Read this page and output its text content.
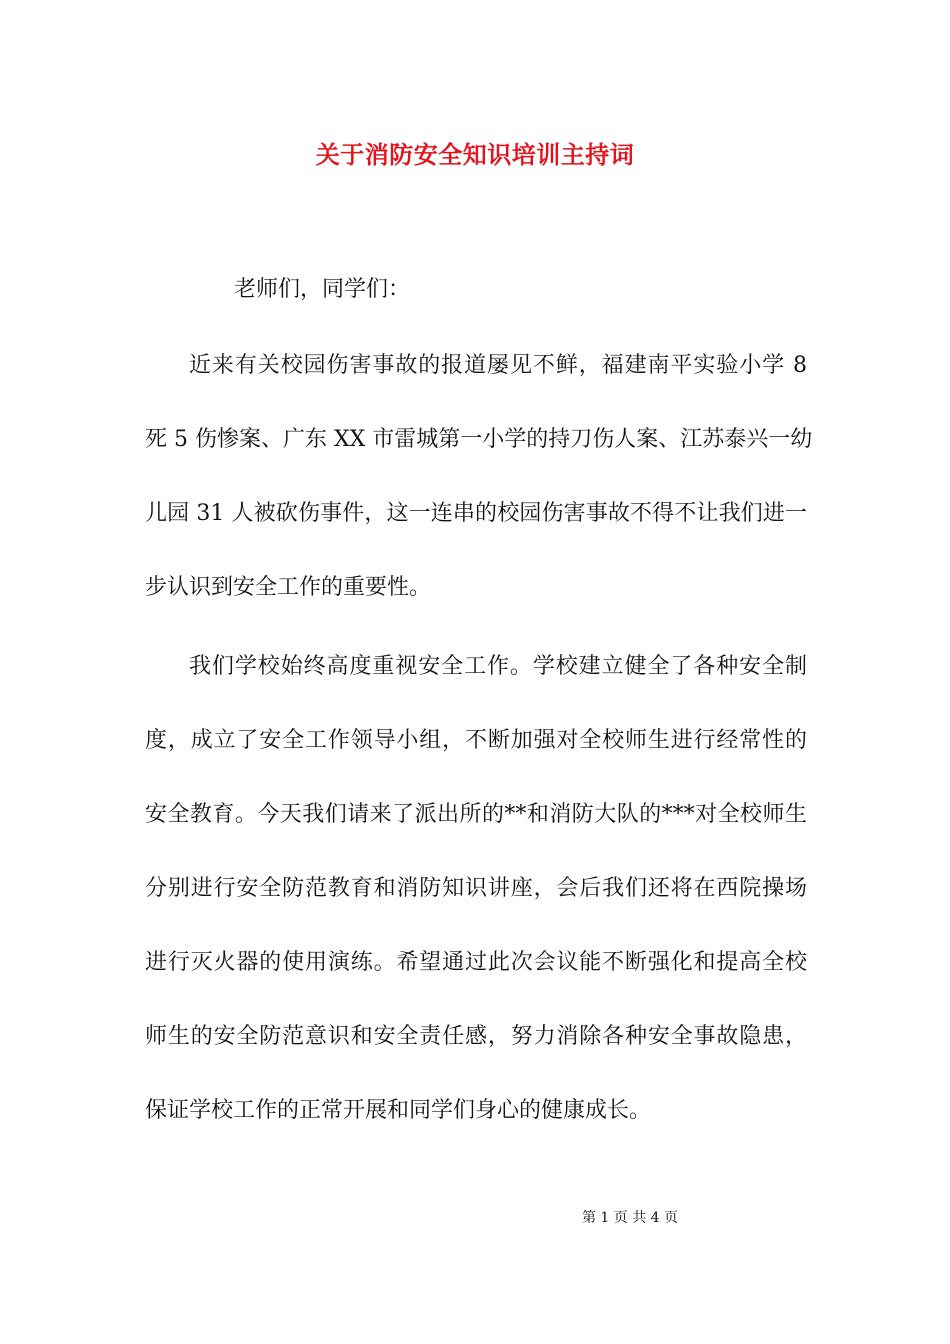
关于消防安全知识培训主持词
老师们，同学们：
近来有关校园伤害事故的报道屡见不鲜，福建南平实验小学 8
死 5 伤惨案、广东 XX 市雷城第一小学的持刀伤人案、江苏泰兴一幼
儿园 31 人被砍伤事件，这一连串的校园伤害事故不得不让我们进一
步认识到安全工作的重要性。
我们学校始终高度重视安全工作。学校建立健全了各种安全制
度，成立了安全工作领导小组，不断加强对全校师生进行经常性的
安全教育。今天我们请来了派出所的**和消防大队的***对全校师生
分别进行安全防范教育和消防知识讲座，会后我们还将在西院操场
进行灭火器的使用演练。希望通过此次会议能不断强化和提高全校
师生的安全防范意识和安全责任感，努力消除各种安全事故隐患，
保证学校工作的正常开展和同学们身心的健康成长。
第 1 页 共 4 页
